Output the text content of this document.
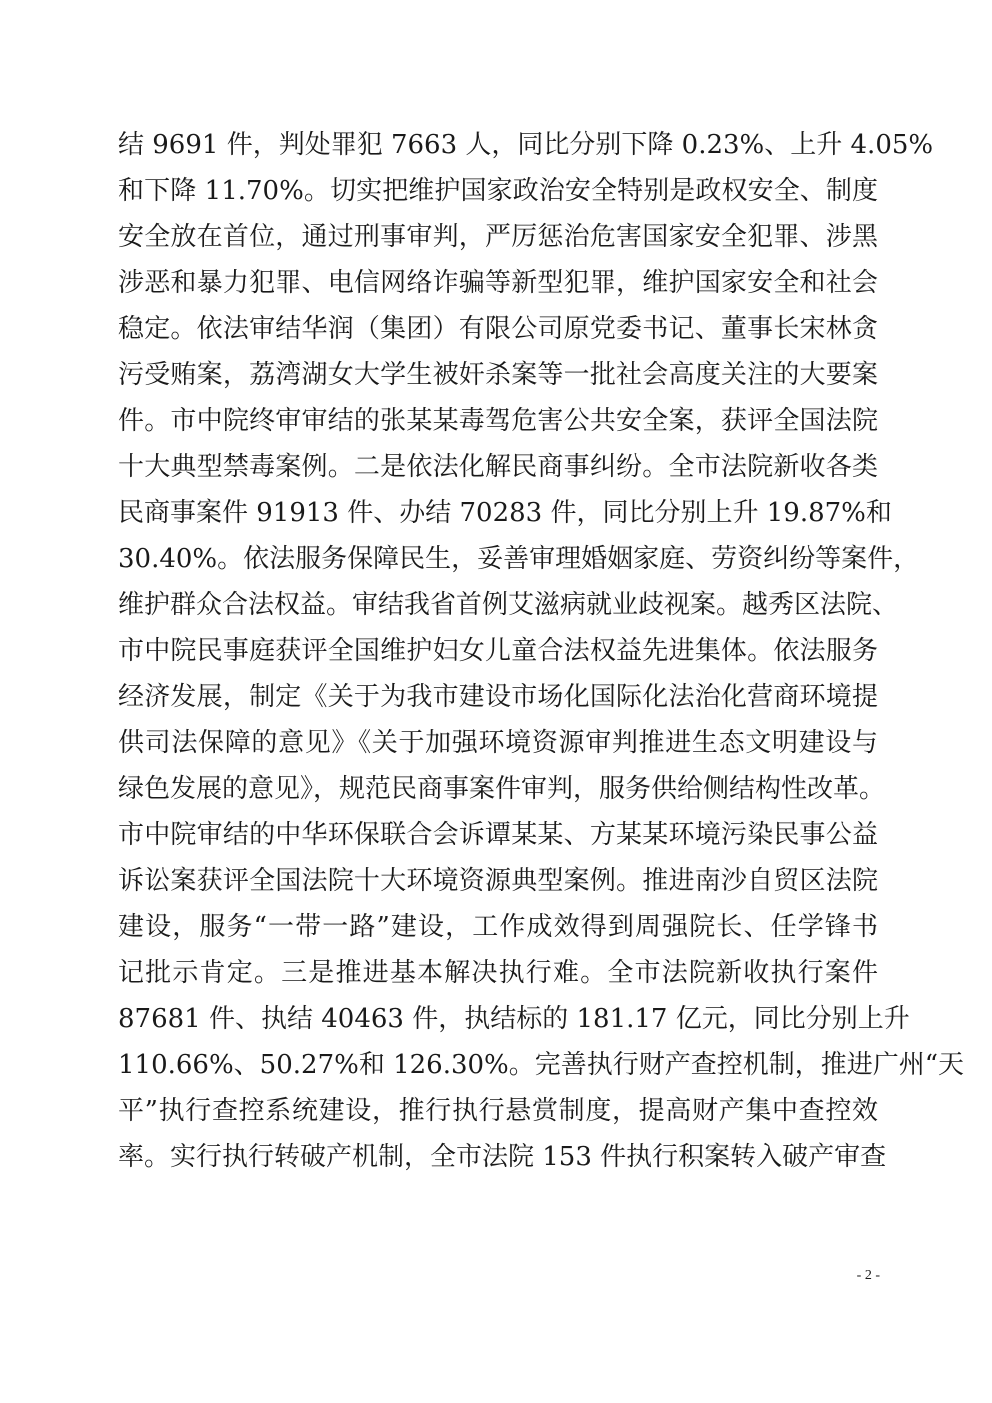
结 9691 件，判处罪犯 7663 人，同比分别下降 0.23%、上升 4.05%
和下降 11.70%。切实把维护国家政治安全特别是政权安全、制度
安全放在首位，通过刑事审判，严厉惩治危害国家安全犯罪、涉黑
涉恶和暴力犯罪、电信网络诈骗等新型犯罪，维护国家安全和社会
稳定。依法审结华润（集团）有限公司原党委书记、董事长宋林贪
污受贿案，荔湾湖女大学生被奸杀案等一批社会高度关注的大要案
件。市中院终审审结的张某某毒驾危害公共安全案，获评全国法院
十大典型禁毒案例。二是依法化解民商事纠纷。全市法院新收各类
民商事案件 91913 件、办结 70283 件，同比分别上升 19.87%和
30.40%。依法服务保障民生，妥善审理婚姻家庭、劳资纠纷等案件，
维护群众合法权益。审结我省首例艾滋病就业歧视案。越秀区法院、
市中院民事庭获评全国维护妇女儿童合法权益先进集体。依法服务
经济发展，制定《关于为我市建设市场化国际化法治化营商环境提
供司法保障的意见》《关于加强环境资源审判推进生态文明建设与
绿色发展的意见》，规范民商事案件审判，服务供给侧结构性改革。
市中院审结的中华环保联合会诉谭某某、方某某环境污染民事公益
诉讼案获评全国法院十大环境资源典型案例。推进南沙自贸区法院
建设，服务“一带一路”建设，工作成效得到周强院长、任学锋书
记批示肯定。三是推进基本解决执行难。全市法院新收执行案件
87681 件、执结 40463 件，执结标的 181.17 亿元，同比分别上升
110.66%、50.27%和 126.30%。完善执行财产查控机制，推进广州“天
平”执行查控系统建设，推行执行悬赏制度，提高财产集中查控效
率。实行执行转破产机制，全市法院 153 件执行积案转入破产审查
- 2 -
